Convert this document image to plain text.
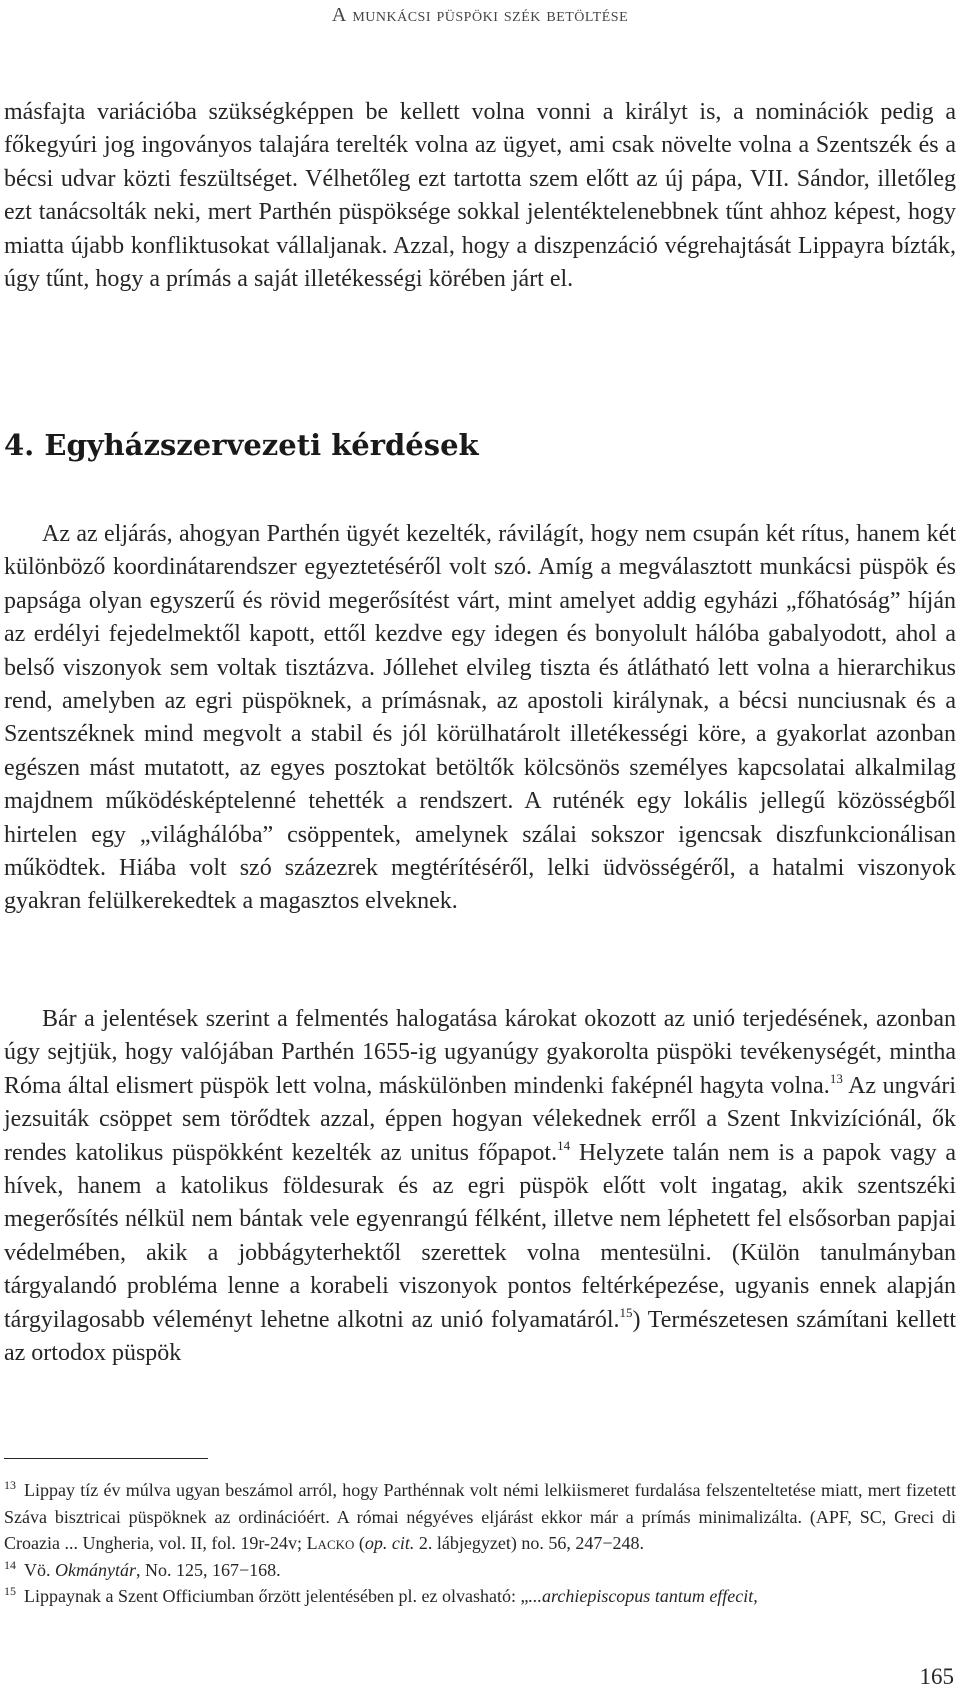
A munkácsi püspöki szék betöltése

másfajta variációba szükségképpen be kellett volna vonni a királyt is, a nominációk pedig a főkegyúri jog ingoványos talajára terelték volna az ügyet, ami csak növelte volna a Szentszék és a bécsi udvar közti feszültséget. Vélhetőleg ezt tartotta szem előtt az új pápa, VII. Sándor, illetőleg ezt tanácsolták neki, mert Parthén püspöksége sokkal jelentéktelenebbnek tűnt ahhoz képest, hogy miatta újabb konfliktusokat vállaljanak. Azzal, hogy a diszpenzáció végrehajtását Lippayra bízták, úgy tűnt, hogy a prímás a saját illetékességi körében járt el.

4. Egyházszervezeti kérdések

Az az eljárás, ahogyan Parthén ügyét kezelték, rávilágít, hogy nem csupán két rítus, hanem két különböző koordinátarendszer egyeztetéséről volt szó. Amíg a megválasztott munkácsi püspök és papsága olyan egyszerű és rövid megerősítést várt, mint amelyet addig egyházi „főhatóság” híján az erdélyi fejedelmektől kapott, ettől kezdve egy idegen és bonyolult hálóba gabalyodott, ahol a belső viszonyok sem voltak tisztázva. Jóllehet elvileg tiszta és átlátható lett volna a hierarchikus rend, amelyben az egri püspöknek, a prímásnak, az apostoli királynak, a bécsi nunciusnak és a Szentszéknek mind megvolt a stabil és jól körülhatárolt illetékességi köre, a gyakorlat azonban egészen mást mutatott, az egyes posztokat betöltők kölcsönös személyes kapcsolatai alkalmilag majdnem működésképtelenné tehették a rendszert. A ruténék egy lokális jellegű közösségből hirtelen egy „világhálóba” csöppentek, amelynek szálai sokszor igencsak diszfunkcionálisan működtek. Hiába volt szó százezrek megtérítéséről, lelki üdvösségéről, a hatalmi viszonyok gyakran felülkerekedtek a magasztos elveknek.

Bár a jelentések szerint a felmentés halogatása károkat okozott az unió terjedésének, azonban úgy sejtjük, hogy valójában Parthén 1655-ig ugyanúgy gyakorolta püspöki tevékenységét, mintha Róma által elismert püspök lett volna, máskülönben mindenki faképnél hagyta volna.$^{13}$ Az ungvári jezsuiták csöppet sem törődtek azzal, éppen hogyan vélekednek erről a Szent Inkvizíciónál, ők rendes katolikus püspökként kezelték az unitus főpapot.$^{14}$ Helyzete talán nem is a papok vagy a hívek, hanem a katolikus földesurak és az egri püspök előtt volt ingatag, akik szentszéki megerősítés nélkül nem bántak vele egyenrangú félként, illetve nem léphetett fel elsősorban papjai védelmében, akik a jobbágyterhektől szerettek volna mentesülni. (Külön tanulmányban tárgyalandó probléma lenne a korabeli viszonyok pontos feltérképezése, ugyanis ennek alapján tárgyilagosabb véleményt lehetne alkotni az unió folyamatáról.$^{15}$) Természetesen számítani kellett az ortodox püspök

$^{13}$ Lippay tíz év múlva ugyan beszámol arról, hogy Parthénnak volt némi lelkiismeret furdalása felszenteltetése miatt, mert fizetett Száva bisztricai püspöknek az ordinációért. A római négyéves eljárást ekkor már a prímás minimalizálta. (APF, SC, Greci di Croazia ... Ungheria, vol. II, fol. 19r-24v; Lacko (op. cit. 2. lábjegyzet) no. 56, 247−248.

$^{14}$ Vö. Okmánytár, No. 125, 167−168.

$^{15}$ Lippaynak a Szent Officiumban őrzött jelentésében pl. ez olvasható: „...archiepiscopus tantum effecit,

165
